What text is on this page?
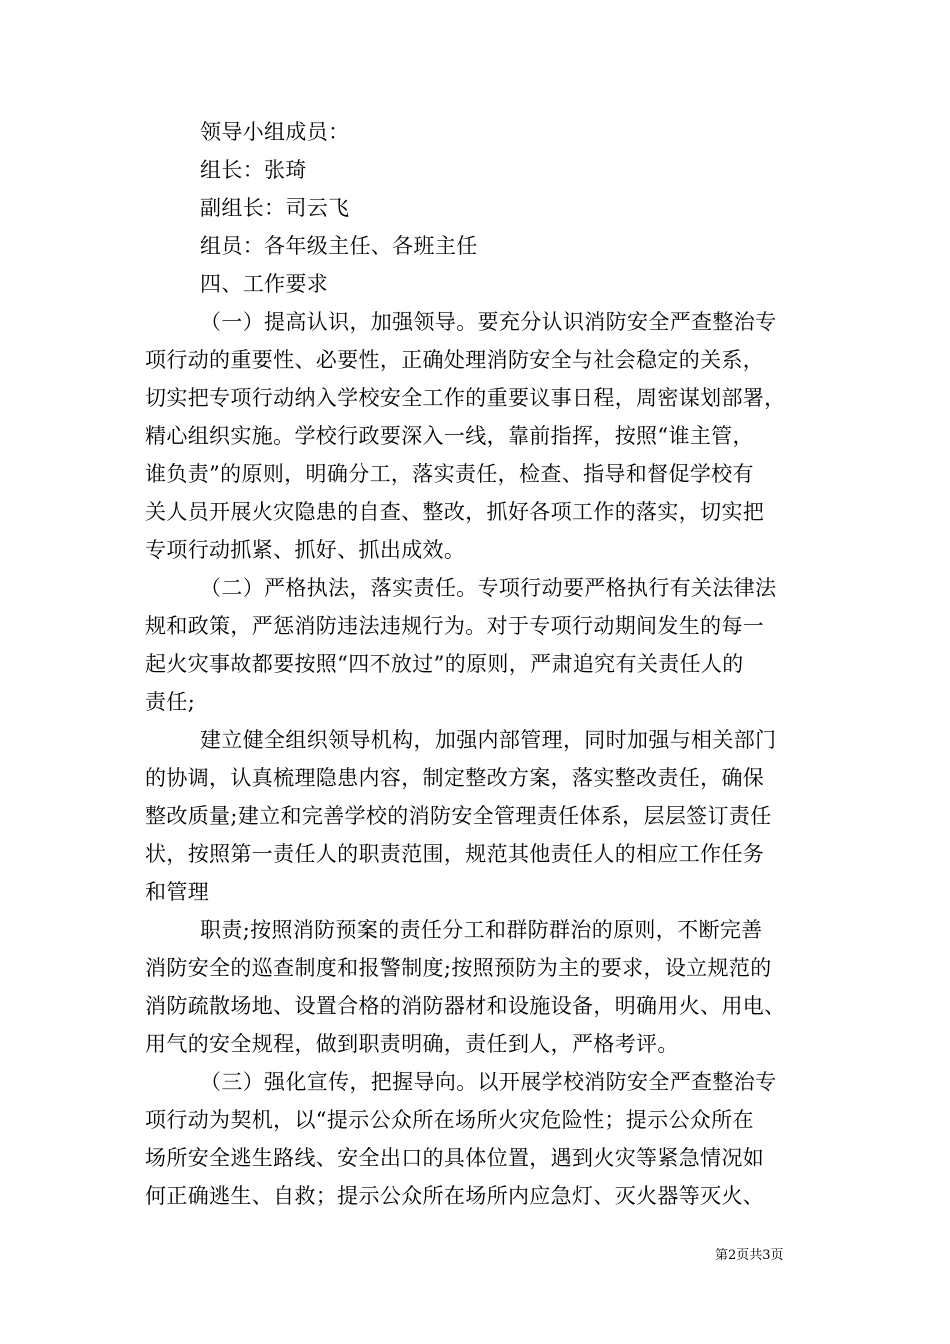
领导小组成员：
组长：张琦
副组长：司云飞
组员：各年级主任、各班主任
四、工作要求
（一）提高认识，加强领导。要充分认识消防安全严查整治专
项行动的重要性、必要性，正确处理消防安全与社会稳定的关系，
切实把专项行动纳入学校安全工作的重要议事日程，周密谋划部署，
精心组织实施。学校行政要深入一线，靠前指挥，按照“谁主管，
谁负责”的原则，明确分工，落实责任，检查、指导和督促学校有
关人员开展火灾隐患的自查、整改，抓好各项工作的落实，切实把
专项行动抓紧、抓好、抓出成效。
（二）严格执法，落实责任。专项行动要严格执行有关法律法
规和政策，严惩消防违法违规行为。对于专项行动期间发生的每一
起火灾事故都要按照“四不放过”的原则，严肃追究有关责任人的
责任;
建立健全组织领导机构，加强内部管理，同时加强与相关部门
的协调，认真梳理隐患内容，制定整改方案，落实整改责任，确保
整改质量;建立和完善学校的消防安全管理责任体系，层层签订责任
状，按照第一责任人的职责范围，规范其他责任人的相应工作任务
和管理
职责;按照消防预案的责任分工和群防群治的原则，不断完善
消防安全的巡查制度和报警制度;按照预防为主的要求，设立规范的
消防疏散场地、设置合格的消防器材和设施设备，明确用火、用电、
用气的安全规程，做到职责明确，责任到人，严格考评。
（三）强化宣传，把握导向。以开展学校消防安全严查整治专
项行动为契机，以“提示公众所在场所火灾危险性；提示公众所在
场所安全逃生路线、安全出口的具体位置，遇到火灾等紧急情况如
何正确逃生、自救；提示公众所在场所内应急灯、灭火器等灭火、
第2页共3页
